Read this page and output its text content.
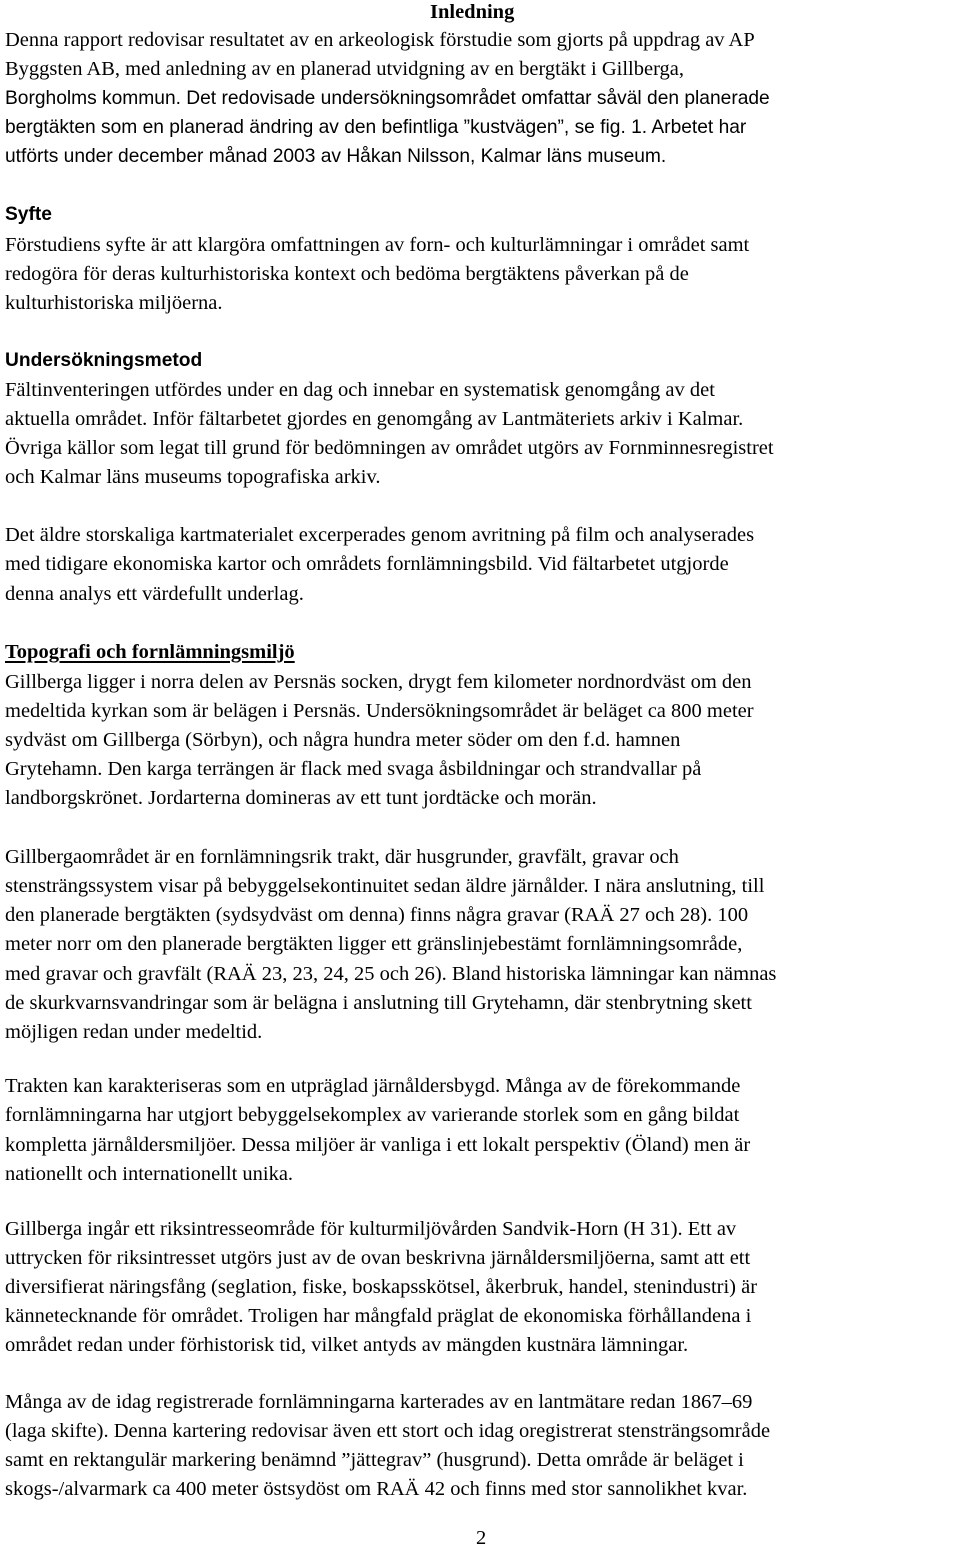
Inledning
Denna rapport redovisar resultatet av en arkeologisk förstudie som gjorts på uppdrag av AP
Byggsten AB, med anledning av en planerad utvidgning av en bergtäkt i Gillberga,
Borgholms kommun. Det redovisade undersökningsområdet omfattar såväl den planerade
bergtäkten som en planerad ändring av den befintliga ”kustvägen”, se fig. 1. Arbetet har
utförts under december månad 2003 av Håkan Nilsson, Kalmar läns museum.
Syfte
Förstudiens syfte är att klargöra omfattningen av forn- och kulturlämningar i området samt
redogöra för deras kulturhistoriska kontext och bedöma bergtäktens påverkan på de
kulturhistoriska miljöerna.
Undersökningsmetod
Fältinventeringen utfördes under en dag och innebar en systematisk genomgång av det
aktuella området. Inför fältarbetet gjordes en genomgång av Lantmäteriets arkiv i Kalmar.
Övriga källor som legat till grund för bedömningen av området utgörs av Fornminnesregistret
och Kalmar läns museums topografiska arkiv.
Det äldre storskaliga kartmaterialet excerperades genom avritning på film och analyserades
med tidigare ekonomiska kartor och områdets fornlämningsbild. Vid fältarbetet utgjorde
denna analys ett värdefullt underlag.
Topografi och fornlämningsmiljö
Gillberga ligger i norra delen av Persnäs socken, drygt fem kilometer nordnordväst om den
medeltida kyrkan som är belägen i Persnäs. Undersökningsområdet är beläget ca 800 meter
sydväst om Gillberga (Sörbyn), och några hundra meter söder om den f.d. hamnen
Grytehamn. Den karga terrängen är flack med svaga åsbildningar och strandvallar på
landborgskrönet. Jordarterna domineras av ett tunt jordtäcke och morän.
Gillbergaområdet är en fornlämningsrik trakt, där husgrunder, gravfält, gravar och
stensträngssystem visar på bebyggelsekontinuitet sedan äldre järnålder. I nära anslutning, till
den planerade bergtäkten (sydsydväst om denna) finns några gravar (RAÄ 27 och 28). 100
meter norr om den planerade bergtäkten ligger ett gränslinjebestämt fornlämningsområde,
med gravar och gravfält (RAÄ 23, 23, 24, 25 och 26). Bland historiska lämningar kan nämnas
de skurkvarnsvandringar som är belägna i anslutning till Grytehamn, där stenbrytning skett
möjligen redan under medeltid.
Trakten kan karakteriseras som en utpräglad järnåldersbygd. Många av de förekommande
fornlämningarna har utgjort bebyggelsekomplex av varierande storlek som en gång bildat
kompletta järnåldersmiljöer. Dessa miljöer är vanliga i ett lokalt perspektiv (Öland) men är
nationellt och internationellt unika.
Gillberga ingår ett riksintresseområde för kulturmiljövården Sandvik-Horn (H 31). Ett av
uttrycken för riksintresset utgörs just av de ovan beskrivna järnåldersmiljöerna, samt att ett
diversifierat näringsfång (seglation, fiske, boskapsskötsel, åkerbruk, handel, stenindustri) är
kännetecknande för området. Troligen har mångfald präglat de ekonomiska förhållandena i
området redan under förhistorisk tid, vilket antyds av mängden kustnära lämningar.
Många av de idag registrerade fornlämningarna karterades av en lantmätare redan 1867–69
(laga skifte). Denna kartering redovisar även ett stort och idag oregistrerat stensträngsområde
samt en rektangulär markering benämnd ”jättegrav” (husgrund). Detta område är beläget i
skogs-/alvarmark ca 400 meter östsydöst om RAÄ 42 och finns med stor sannolikhet kvar.
2
